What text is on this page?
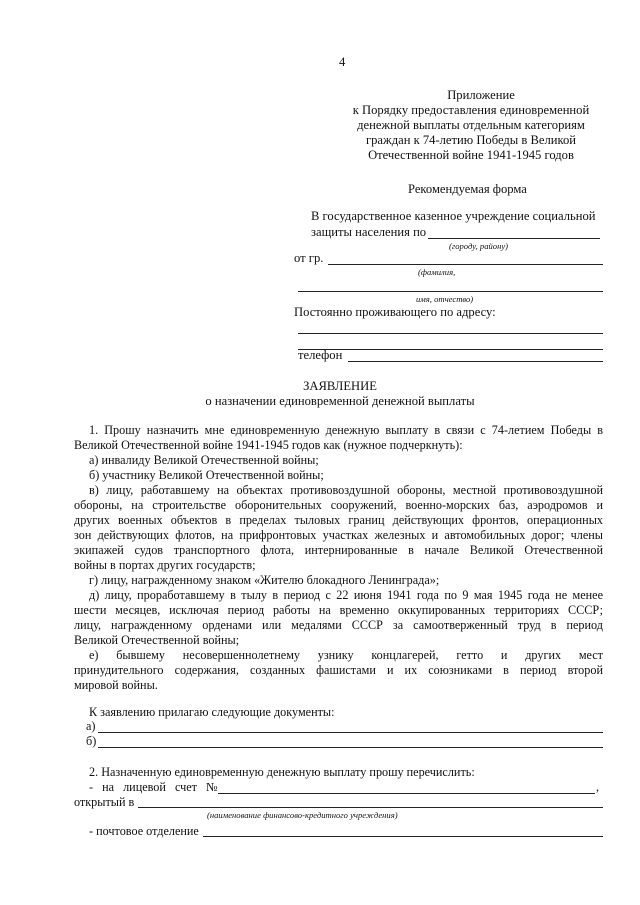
4
Приложение
к Порядку предоставления единовременной
денежной выплаты отдельным категориям
граждан к 74-летию Победы в Великой
Отечественной войне 1941-1945 годов
Рекомендуемая форма
В государственное казенное учреждение социальной
защиты населения по
(городу, району)
от гр.
(фамилия,
имя, отчество)
Постоянно проживающего по адресу:
телефон
ЗАЯВЛЕНИЕ
о назначении единовременной денежной выплаты
1. Прошу назначить мне единовременную денежную выплату в связи с 74-летием Победы в
Великой Отечественной войне 1941-1945 годов как (нужное подчеркнуть):
а) инвалиду Великой Отечественной войны;
б) участнику Великой Отечественной войны;
в) лицу, работавшему на объектах противовоздушной обороны, местной противовоздушной
обороны, на строительстве оборонительных сооружений, военно-морских баз, аэродромов и
других военных объектов в пределах тыловых границ действующих фронтов, операционных
зон действующих флотов, на прифронтовых участках железных и автомобильных дорог; члены
экипажей судов транспортного флота, интернированные в начале Великой Отечественной
войны в портах других государств;
г) лицу, награжденному знаком «Жителю блокадного Ленинграда»;
д) лицу, проработавшему в тылу в период с 22 июня 1941 года по 9 мая 1945 года не менее
шести месяцев, исключая период работы на временно оккупированных территориях СССР;
лицу, награжденному орденами или медалями СССР за самоотверженный труд в период
Великой Отечественной войны;
е) бывшему несовершеннолетнему узнику концлагерей, гетто и других мест
принудительного содержания, созданных фашистами и их союзниками в период второй
мировой войны.
К заявлению прилагаю следующие документы:
а)
б)
2. Назначенную единовременную денежную выплату прошу перечислить:
- на лицевой счет №	,
открытый в
(наименование финансово-кредитного учреждения)
- почтовое отделение
